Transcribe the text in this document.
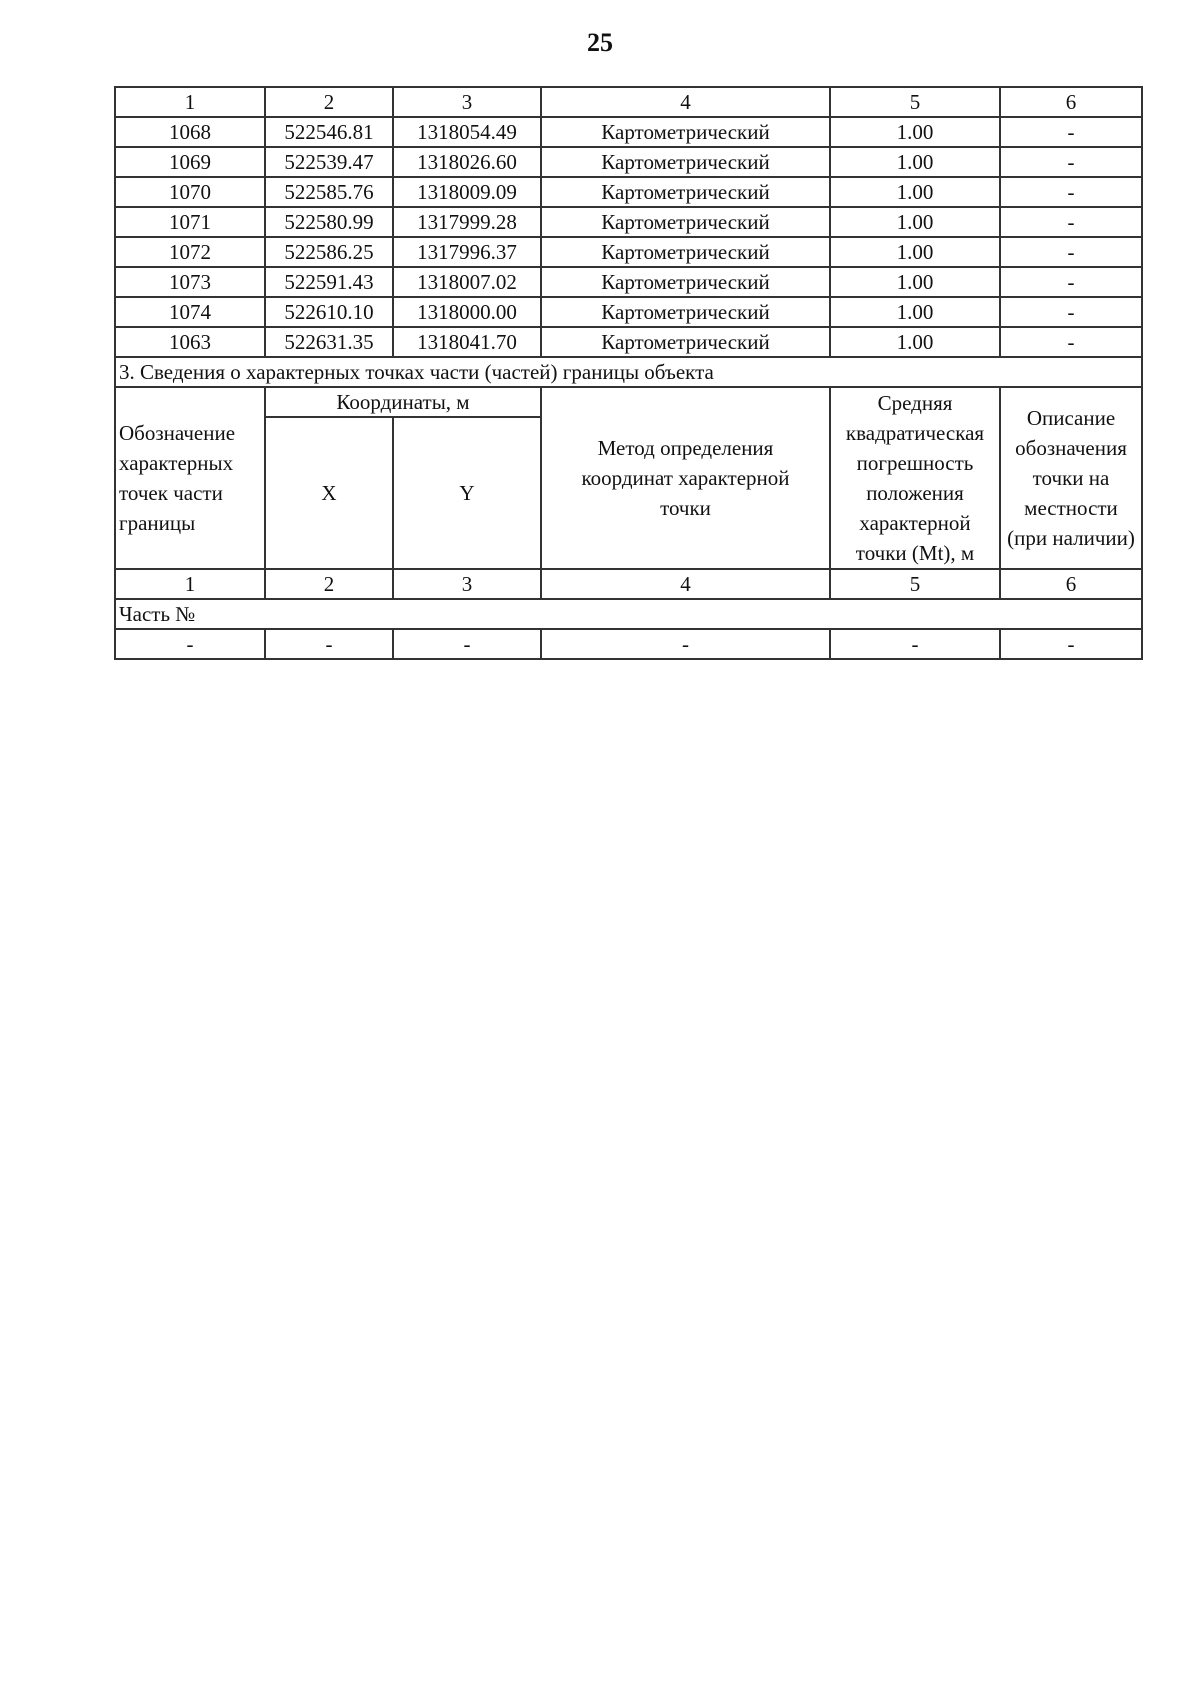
25
1	2	3	4	5	6
1068	522546.81	1318054.49	Картометрический	1.00	-
1069	522539.47	1318026.60	Картометрический	1.00	-
1070	522585.76	1318009.09	Картометрический	1.00	-
1071	522580.99	1317999.28	Картометрический	1.00	-
1072	522586.25	1317996.37	Картометрический	1.00	-
1073	522591.43	1318007.02	Картометрический	1.00	-
1074	522610.10	1318000.00	Картометрический	1.00	-
1063	522631.35	1318041.70	Картометрический	1.00	-
3. Сведения о характерных точках части (частей) границы объекта					
Обозначение характерных точек части границы	Координаты, м		Метод определения координат характерной точки	Средняя квадратическая погрешность положения характерной точки (Mt), м	Описание обозначения точки на местности (при наличии)
	X	Y			
1	2	3	4	5	6
Часть №					
-	-	-	-	-	-
